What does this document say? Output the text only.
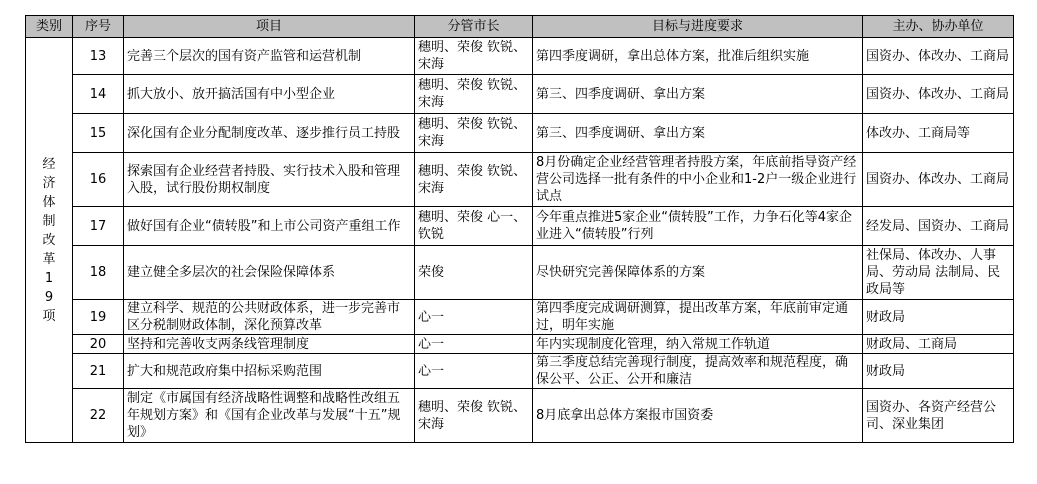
类别	序号	项目	分管市长	目标与进度要求	主办、协办单位

经济体制改革19项	13	完善三个层次的国有资产监管和运营机制	穗明、荣俊 钦锐、宋海	第四季度调研，拿出总体方案，批准后组织实施	国资办、体改办、工商局
	14	抓大放小、放开搞活国有中小型企业	穗明、荣俊 钦锐、宋海	第三、四季度调研、拿出方案	国资办、体改办、工商局
	15	深化国有企业分配制度改革、逐步推行员工持股	穗明、荣俊 钦锐、宋海	第三、四季度调研、拿出方案	体改办、工商局等
	16	探索国有企业经营者持股、实行技术入股和管理入股，试行股份期权制度	穗明、荣俊 钦锐、宋海	8月份确定企业经营管理者持股方案，年底前指导资产经营公司选择一批有条件的中小企业和1-2户一级企业进行试点	国资办、体改办、工商局
	17	做好国有企业“债转股”和上市公司资产重组工作	穗明、荣俊 心一、钦锐	今年重点推进5家企业“债转股”工作，力争石化等4家企业进入“债转股”行列	经发局、国资办、工商局
	18	建立健全多层次的社会保险保障体系	荣俊	尽快研究完善保障体系的方案	社保局、体改办、人事局、劳动局 法制局、民政局等
	19	建立科学、规范的公共财政体系，进一步完善市区分税制财政体制，深化预算改革	心一	第四季度完成调研测算，提出改革方案，年底前审定通过，明年实施	财政局
	20	坚持和完善收支两条线管理制度	心一	年内实现制度化管理，纳入常规工作轨道	财政局、工商局
	21	扩大和规范政府集中招标采购范围	心一	第三季度总结完善现行制度，提高效率和规范程度，确保公平、公正、公开和廉洁	财政局
	22	制定《市属国有经济战略性调整和战略性改组五年规划方案》和《国有企业改革与发展“十五”规划》	穗明、荣俊 钦锐、宋海	8月底拿出总体方案报市国资委	国资办、各资产经营公司、深业集团
